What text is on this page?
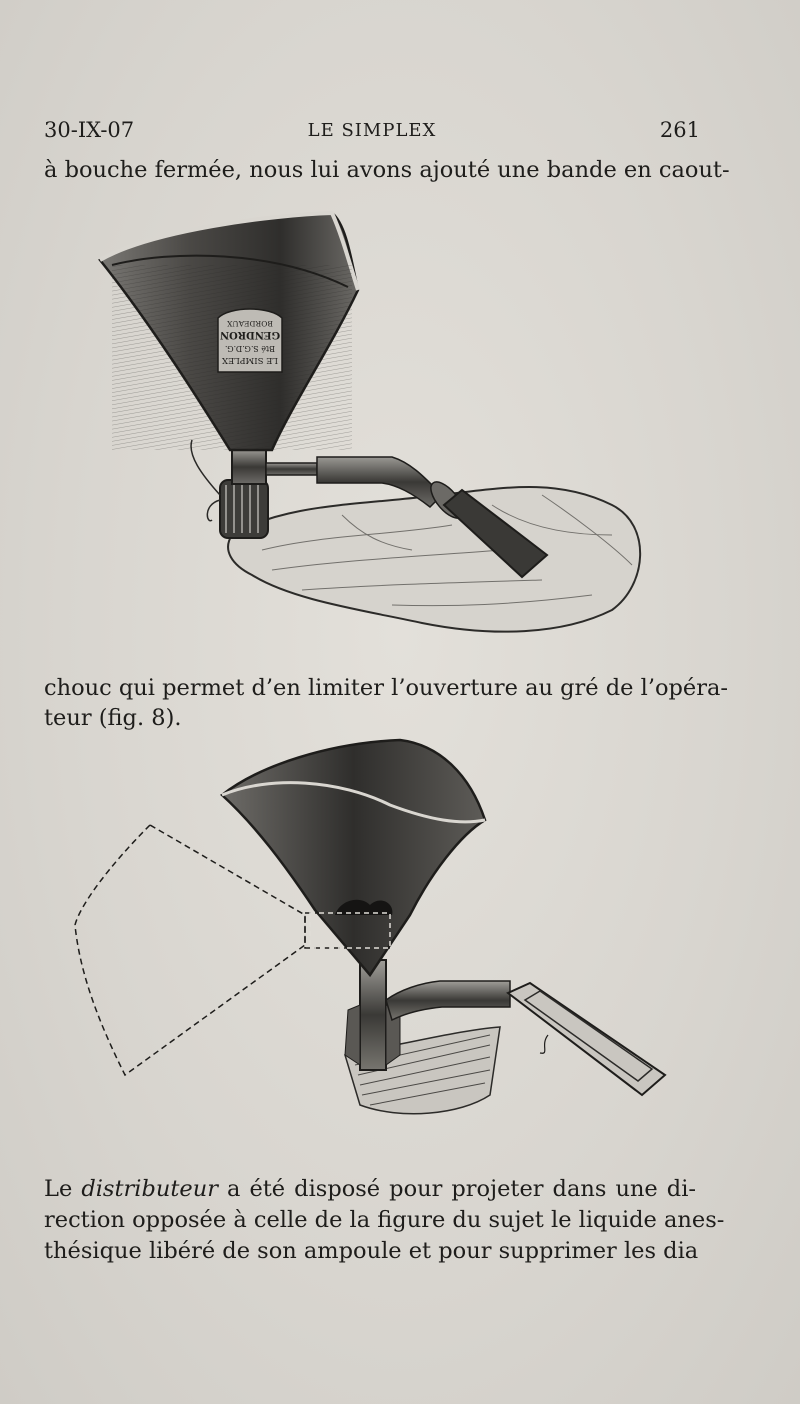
30-IX-07	LE SIMPLEX	261
à bouche fermée, nous lui avons ajouté une bande en caout-
LE SIMPLEX
Bté S.G.D.G.
GENDRON
BORDEAUX
chouc qui permet d’en limiter l’ouverture au gré de l’opéra-
teur (fig. 8).
Le distributeur a été disposé pour projeter dans une di-
rection opposée à celle de la figure du sujet le liquide anes-
thésique libéré de son ampoule et pour supprimer les dia
